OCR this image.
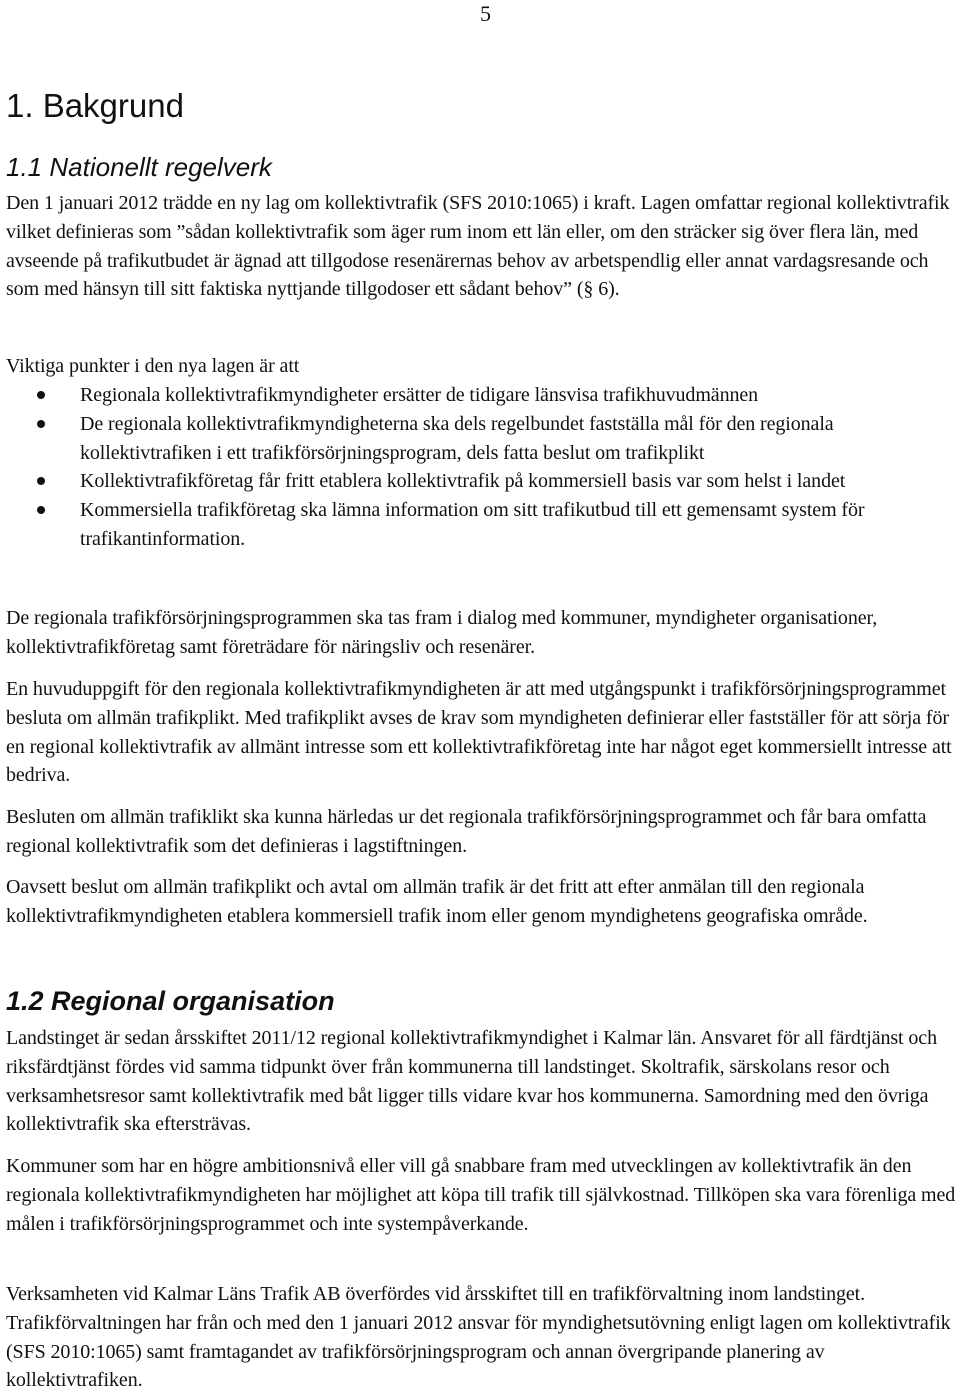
5
1. Bakgrund
1.1 Nationellt regelverk

Den 1 januari 2012 trädde en ny lag om kollektivtrafik (SFS 2010:1065) i kraft. Lagen omfattar regional kollektivtrafik vilket definieras som ”sådan kollektivtrafik som äger rum inom ett län eller, om den sträcker sig över flera län, med avseende på trafikutbudet är ägnad att tillgodose resenärernas behov av arbetspendlig eller annat vardagsresande och som med hänsyn till sitt faktiska nyttjande tillgodoser ett sådant behov” (§ 6).

Viktiga punkter i den nya lagen är att

Regionala kollektivtrafikmyndigheter ersätter de tidigare länsvisa trafikhuvudmännen
De regionala kollektivtrafikmyndigheterna ska dels regelbundet fastställa mål för den regionala kollektivtrafiken i ett trafikförsörjningsprogram, dels fatta beslut om trafikplikt
Kollektivtrafikföretag får fritt etablera kollektivtrafik på kommersiell basis var som helst i landet
Kommersiella trafikföretag ska lämna information om sitt trafikutbud till ett gemensamt system för trafikantinformation.

De regionala trafikförsörjningsprogrammen ska tas fram i dialog med kommuner, myndigheter organisationer, kollektivtrafikföretag samt företrädare för näringsliv och resenärer.

En huvuduppgift för den regionala kollektivtrafikmyndigheten är att med utgångspunkt i trafikförsörjningsprogrammet besluta om allmän trafikplikt. Med trafikplikt avses de krav som myndigheten definierar eller fastställer för att sörja för en regional kollektivtrafik av allmänt intresse som ett kollektivtrafikföretag inte har något eget kommersiellt intresse att bedriva.

Besluten om allmän trafiklikt ska kunna härledas ur det regionala trafikförsörjningsprogrammet och får bara omfatta regional kollektivtrafik som det definieras i lagstiftningen.

Oavsett beslut om allmän trafikplikt och avtal om allmän trafik är det fritt att efter anmälan till den regionala kollektivtrafikmyndigheten etablera kommersiell trafik inom eller genom myndighetens geografiska område.

1.2 Regional organisation

Landstinget är sedan årsskiftet 2011/12 regional kollektivtrafikmyndighet i Kalmar län. Ansvaret för all färdtjänst och riksfärdtjänst fördes vid samma tidpunkt över från kommunerna till landstinget. Skoltrafik, särskolans resor och verksamhetsresor samt kollektivtrafik med båt ligger tills vidare kvar hos kommunerna. Samordning med den övriga kollektivtrafik ska eftersträvas.

Kommuner som har en högre ambitionsnivå eller vill gå snabbare fram med utvecklingen av kollektivtrafik än den regionala kollektivtrafikmyndigheten har möjlighet att köpa till trafik till självkostnad. Tillköpen ska vara förenliga med målen i trafikförsörjningsprogrammet och inte systempåverkande.

Verksamheten vid Kalmar Läns Trafik AB överfördes vid årsskiftet till en trafikförvaltning inom landstinget. Trafikförvaltningen har från och med den 1 januari 2012 ansvar för myndighetsutövning enligt lagen om kollektivtrafik (SFS 2010:1065) samt framtagandet av trafikförsörjningsprogram och annan övergripande planering av kollektivtrafiken.
